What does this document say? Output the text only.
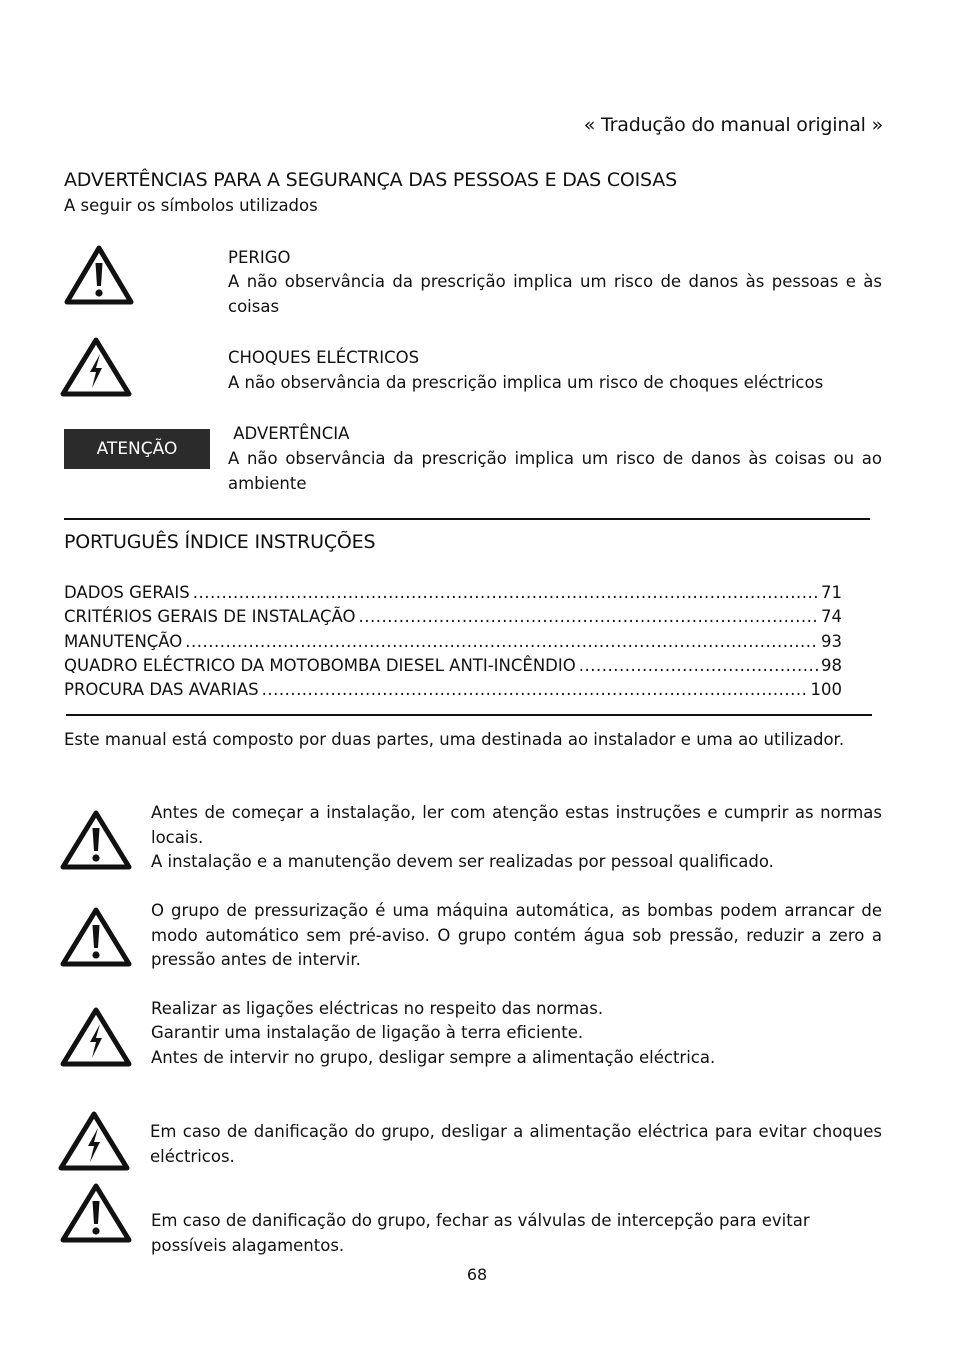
« Tradução do manual original »
ADVERTÊNCIAS PARA A SEGURANÇA DAS PESSOAS E DAS COISAS
A seguir os símbolos utilizados
PERIGO
A não observância da prescrição implica um risco de danos às pessoas e às coisas
CHOQUES ELÉCTRICOS
A não observância da prescrição implica um risco de choques eléctricos
ATENÇÃO
ADVERTÊNCIA
A não observância da prescrição implica um risco de danos às coisas ou ao ambiente
PORTUGUÊS ÍNDICE INSTRUÇÕES
DADOS GERAIS .....	71
CRITÉRIOS GERAIS DE INSTALAÇÃO .....	74
MANUTENÇÃO .....	93
QUADRO ELÉCTRICO DA MOTOBOMBA DIESEL ANTI-INCÊNDIO .....	98
PROCURA DAS AVARIAS .....	100
Este manual está composto por duas partes, uma destinada ao instalador e uma ao utilizador.
Antes de começar a instalação, ler com atenção estas instruções e cumprir as normas locais.
A instalação e a manutenção devem ser realizadas por pessoal qualificado.
O grupo de pressurização é uma máquina automática, as bombas podem arrancar de modo automático sem pré-aviso. O grupo contém água sob pressão, reduzir a zero a pressão antes de intervir.
Realizar as ligações eléctricas no respeito das normas.
Garantir uma instalação de ligação à terra eficiente.
Antes de intervir no grupo, desligar sempre a alimentação eléctrica.
Em caso de danificação do grupo, desligar a alimentação eléctrica para evitar choques eléctricos.
Em caso de danificação do grupo, fechar as válvulas de intercepção para evitar possíveis alagamentos.
68
